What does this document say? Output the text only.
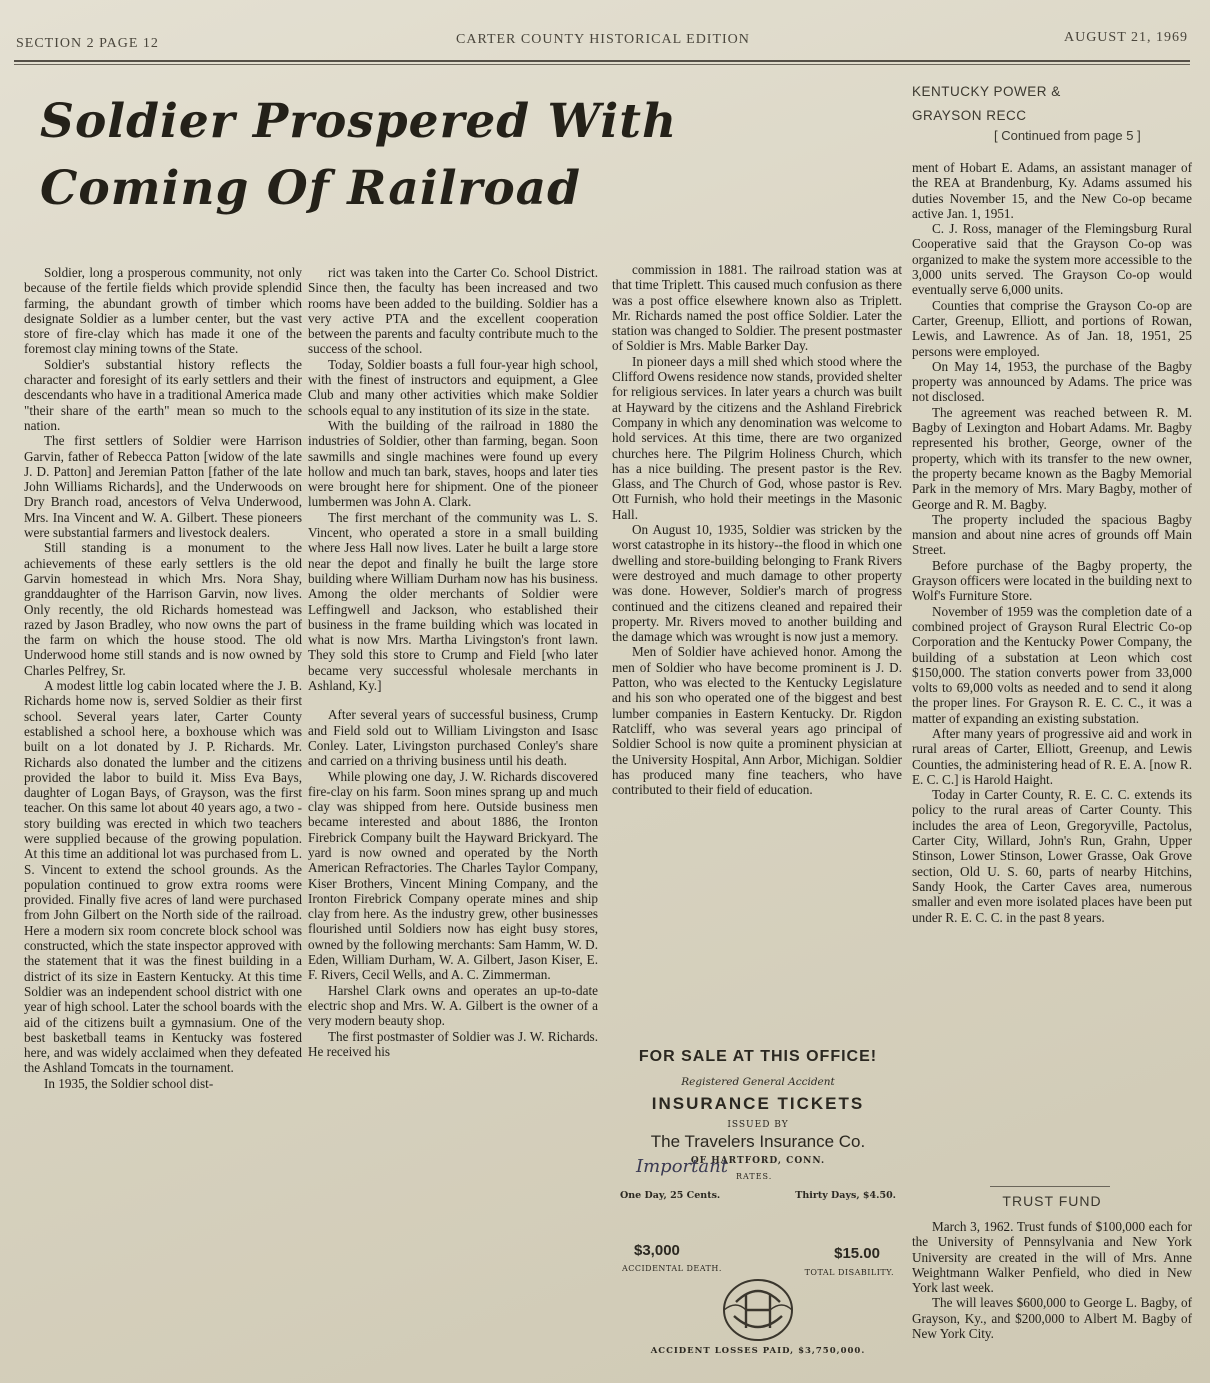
SECTION 2 PAGE 12	CARTER COUNTY HISTORICAL EDITION	AUGUST 21, 1969
Soldier Prospered With
Coming Of Railroad

Soldier, long a prosperous community, not only because of the fertile fields which provide splendid farming, the abundant growth of timber which designate Soldier as a lumber center, but the vast store of fire-clay which has made it one of the foremost clay mining towns of the State.

Soldier's substantial history reflects the character and foresight of its early settlers and their descendants who have in a traditional America made "their share of the earth" mean so much to the nation.

The first settlers of Soldier were Harrison Garvin, father of Rebecca Patton [widow of the late J. D. Patton] and Jeremian Patton [father of the late John Williams Richards], and the Underwoods on Dry Branch road, ancestors of Velva Underwood, Mrs. Ina Vincent and W. A. Gilbert. These pioneers were substantial farmers and livestock dealers.

Still standing is a monument to the achievements of these early settlers is the old Garvin homestead in which Mrs. Nora Shay, granddaughter of the Harrison Garvin, now lives. Only recently, the old Richards homestead was razed by Jason Bradley, who now owns the part of the farm on which the house stood. The old Underwood home still stands and is now owned by Charles Pelfrey, Sr.

A modest little log cabin located where the J. B. Richards home now is, served Soldier as their first school. Several years later, Carter County established a school here, a boxhouse which was built on a lot donated by J. P. Richards. Mr. Richards also donated the lumber and the citizens provided the labor to build it. Miss Eva Bays, daughter of Logan Bays, of Grayson, was the first teacher. On this same lot about 40 years ago, a two - story building was erected in which two teachers were supplied because of the growing population. At this time an additional lot was purchased from L. S. Vincent to extend the school grounds. As the population continued to grow extra rooms were provided. Finally five acres of land were purchased from John Gilbert on the North side of the railroad. Here a modern six room concrete block school was constructed, which the state inspector approved with the statement that it was the finest building in a district of its size in Eastern Kentucky. At this time Soldier was an independent school district with one year of high school. Later the school boards with the aid of the citizens built a gymnasium. One of the best basketball teams in Kentucky was fostered here, and was widely acclaimed when they defeated the Ashland Tomcats in the tournament.

In 1935, the Soldier school dist-

rict was taken into the Carter Co. School District. Since then, the faculty has been increased and two rooms have been added to the building. Soldier has a very active PTA and the excellent cooperation between the parents and faculty contribute much to the success of the school.

Today, Soldier boasts a full four-year high school, with the finest of instructors and equipment, a Glee Club and many other activities which make Soldier schools equal to any institution of its size in the state.

With the building of the railroad in 1880 the industries of Soldier, other than farming, began. Soon sawmills and single machines were found up every hollow and much tan bark, staves, hoops and later ties were brought here for shipment. One of the pioneer lumbermen was John A. Clark.

The first merchant of the community was L. S. Vincent, who operated a store in a small building where Jess Hall now lives. Later he built a large store near the depot and finally he built the large store building where William Durham now has his business. Among the older merchants of Soldier were Leffingwell and Jackson, who established their business in the frame building which was located in what is now Mrs. Martha Livingston's front lawn. They sold this store to Crump and Field [who later became very successful wholesale merchants in Ashland, Ky.]

After several years of successful business, Crump and Field sold out to William Livingston and Isasc Conley. Later, Livingston purchased Conley's share and carried on a thriving business until his death.

While plowing one day, J. W. Richards discovered fire-clay on his farm. Soon mines sprang up and much clay was shipped from here. Outside business men became interested and about 1886, the Ironton Firebrick Company built the Hayward Brickyard. The yard is now owned and operated by the North American Refractories. The Charles Taylor Company, Kiser Brothers, Vincent Mining Company, and the Ironton Firebrick Company operate mines and ship clay from here. As the industry grew, other businesses flourished until Soldiers now has eight busy stores, owned by the following merchants: Sam Hamm, W. D. Eden, William Durham, W. A. Gilbert, Jason Kiser, E. F. Rivers, Cecil Wells, and A. C. Zimmerman.

Harshel Clark owns and operates an up-to-date electric shop and Mrs. W. A. Gilbert is the owner of a very modern beauty shop.

The first postmaster of Soldier was J. W. Richards. He received his

commission in 1881. The railroad station was at that time Triplett. This caused much confusion as there was a post office elsewhere known also as Triplett. Mr. Richards named the post office Soldier. Later the station was changed to Soldier. The present postmaster of Soldier is Mrs. Mable Barker Day.

In pioneer days a mill shed which stood where the Clifford Owens residence now stands, provided shelter for religious services. In later years a church was built at Hayward by the citizens and the Ashland Firebrick Company in which any denomination was welcome to hold services. At this time, there are two organized churches here. The Pilgrim Holiness Church, which has a nice building. The present pastor is the Rev. Glass, and The Church of God, whose pastor is Rev. Ott Furnish, who hold their meetings in the Masonic Hall.

On August 10, 1935, Soldier was stricken by the worst catastrophe in its history--the flood in which one dwelling and store-building belonging to Frank Rivers were destroyed and much damage to other property was done. However, Soldier's march of progress continued and the citizens cleaned and repaired their property. Mr. Rivers moved to another building and the damage which was wrought is now just a memory.

Men of Soldier have achieved honor. Among the men of Soldier who have become prominent is J. D. Patton, who was elected to the Kentucky Legislature and his son who operated one of the biggest and best lumber companies in Eastern Kentucky. Dr. Rigdon Ratcliff, who was several years ago principal of Soldier School is now quite a prominent physician at the University Hospital, Ann Arbor, Michigan. Soldier has produced many fine teachers, who have contributed to their field of education.

FOR SALE AT THIS OFFICE!
Registered General Accident
INSURANCE TICKETS
ISSUED BY
The Travelers Insurance Co.
OF HARTFORD, CONN.
Important RATES.
One Day, 25 Cents.	Thirty Days, $4.50.
$3,000	$15.00
ACCIDENTAL DEATH.	TOTAL DISABILITY.
ACCIDENT LOSSES PAID, $3,750,000.
KENTUCKY POWER &
GRAYSON RECC
[ Continued from page 5 ]

ment of Hobart E. Adams, an assistant manager of the REA at Brandenburg, Ky. Adams assumed his duties November 15, and the New Co-op became active Jan. 1, 1951.

C. J. Ross, manager of the Flemingsburg Rural Cooperative said that the Grayson Co-op was organized to make the system more accessible to the 3,000 units served. The Grayson Co-op would eventually serve 6,000 units.

Counties that comprise the Grayson Co-op are Carter, Greenup, Elliott, and portions of Rowan, Lewis, and Lawrence. As of Jan. 18, 1951, 25 persons were employed.

On May 14, 1953, the purchase of the Bagby property was announced by Adams. The price was not disclosed.

The agreement was reached between R. M. Bagby of Lexington and Hobart Adams. Mr. Bagby represented his brother, George, owner of the property, which with its transfer to the new owner, the property became known as the Bagby Memorial Park in the memory of Mrs. Mary Bagby, mother of George and R. M. Bagby.

The property included the spacious Bagby mansion and about nine acres of grounds off Main Street.

Before purchase of the Bagby property, the Grayson officers were located in the building next to Wolf's Furniture Store.

November of 1959 was the completion date of a combined project of Grayson Rural Electric Co-op Corporation and the Kentucky Power Company, the building of a substation at Leon which cost $150,000. The station converts power from 33,000 volts to 69,000 volts as needed and to send it along the proper lines. For Grayson R. E. C. C., it was a matter of expanding an existing substation.

After many years of progressive aid and work in rural areas of Carter, Elliott, Greenup, and Lewis Counties, the administering head of R. E. A. [now R. E. C. C.] is Harold Haight.

Today in Carter County, R. E. C. C. extends its policy to the rural areas of Carter County. This includes the area of Leon, Gregoryville, Pactolus, Carter City, Willard, John's Run, Grahn, Upper Stinson, Lower Stinson, Lower Grasse, Oak Grove section, Old U. S. 60, parts of nearby Hitchins, Sandy Hook, the Carter Caves area, numerous smaller and even more isolated places have been put under R. E. C. C. in the past 8 years.

TRUST FUND

March 3, 1962. Trust funds of $100,000 each for the University of Pennsylvania and New York University are created in the will of Mrs. Anne Weightmann Walker Penfield, who died in New York last week.

The will leaves $600,000 to George L. Bagby, of Grayson, Ky., and $200,000 to Albert M. Bagby of New York City.
